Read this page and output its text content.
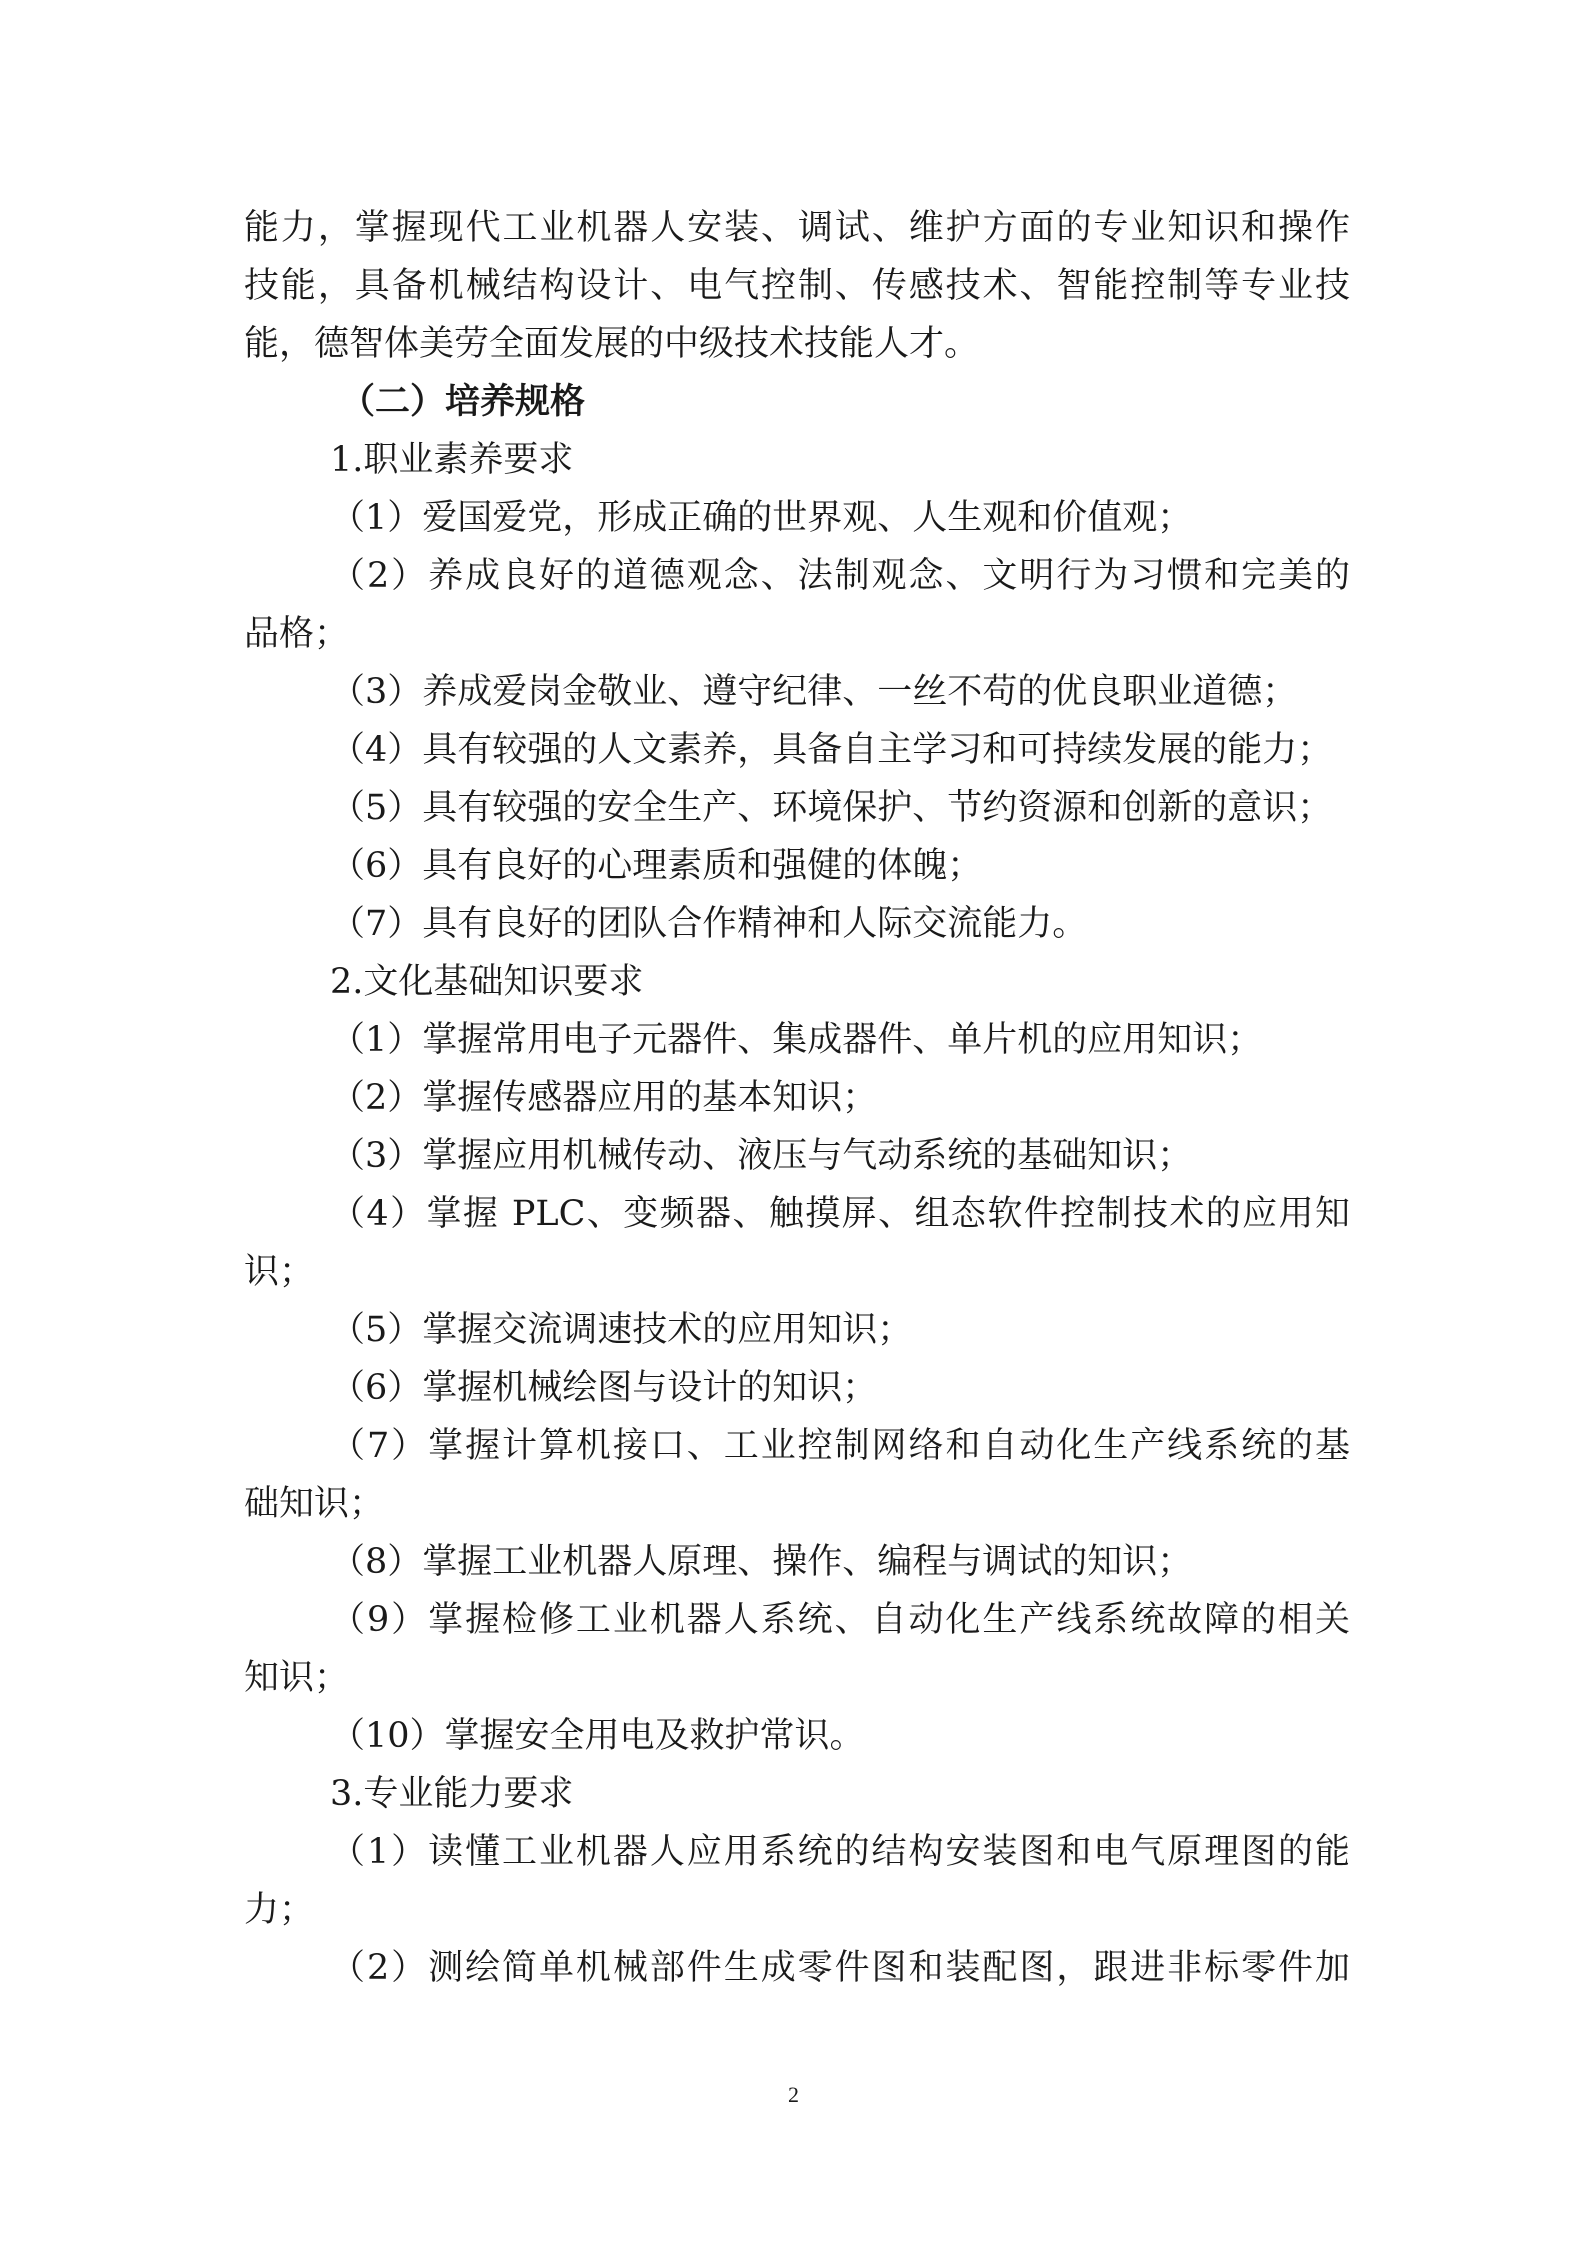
能力，掌握现代工业机器人安装、调试、维护方面的专业知识和操作
技能，具备机械结构设计、电气控制、传感技术、智能控制等专业技
能，德智体美劳全面发展的中级技术技能人才。
（二）培养规格
1.职业素养要求
（1）爱国爱党，形成正确的世界观、人生观和价值观；
（2）养成良好的道德观念、法制观念、文明行为习惯和完美的
品格；
（3）养成爱岗金敬业、遵守纪律、一丝不苟的优良职业道德；
（4）具有较强的人文素养，具备自主学习和可持续发展的能力；
（5）具有较强的安全生产、环境保护、节约资源和创新的意识；
（6）具有良好的心理素质和强健的体魄；
（7）具有良好的团队合作精神和人际交流能力。
2.文化基础知识要求
（1）掌握常用电子元器件、集成器件、单片机的应用知识；
（2）掌握传感器应用的基本知识；
（3）掌握应用机械传动、液压与气动系统的基础知识；
（4）掌握 PLC、变频器、触摸屏、组态软件控制技术的应用知
识；
（5）掌握交流调速技术的应用知识；
（6）掌握机械绘图与设计的知识；
（7）掌握计算机接口、工业控制网络和自动化生产线系统的基
础知识；
（8）掌握工业机器人原理、操作、编程与调试的知识；
（9）掌握检修工业机器人系统、自动化生产线系统故障的相关
知识；
（10）掌握安全用电及救护常识。
3.专业能力要求
（1）读懂工业机器人应用系统的结构安装图和电气原理图的能
力；
（2）测绘简单机械部件生成零件图和装配图，跟进非标零件加
2
